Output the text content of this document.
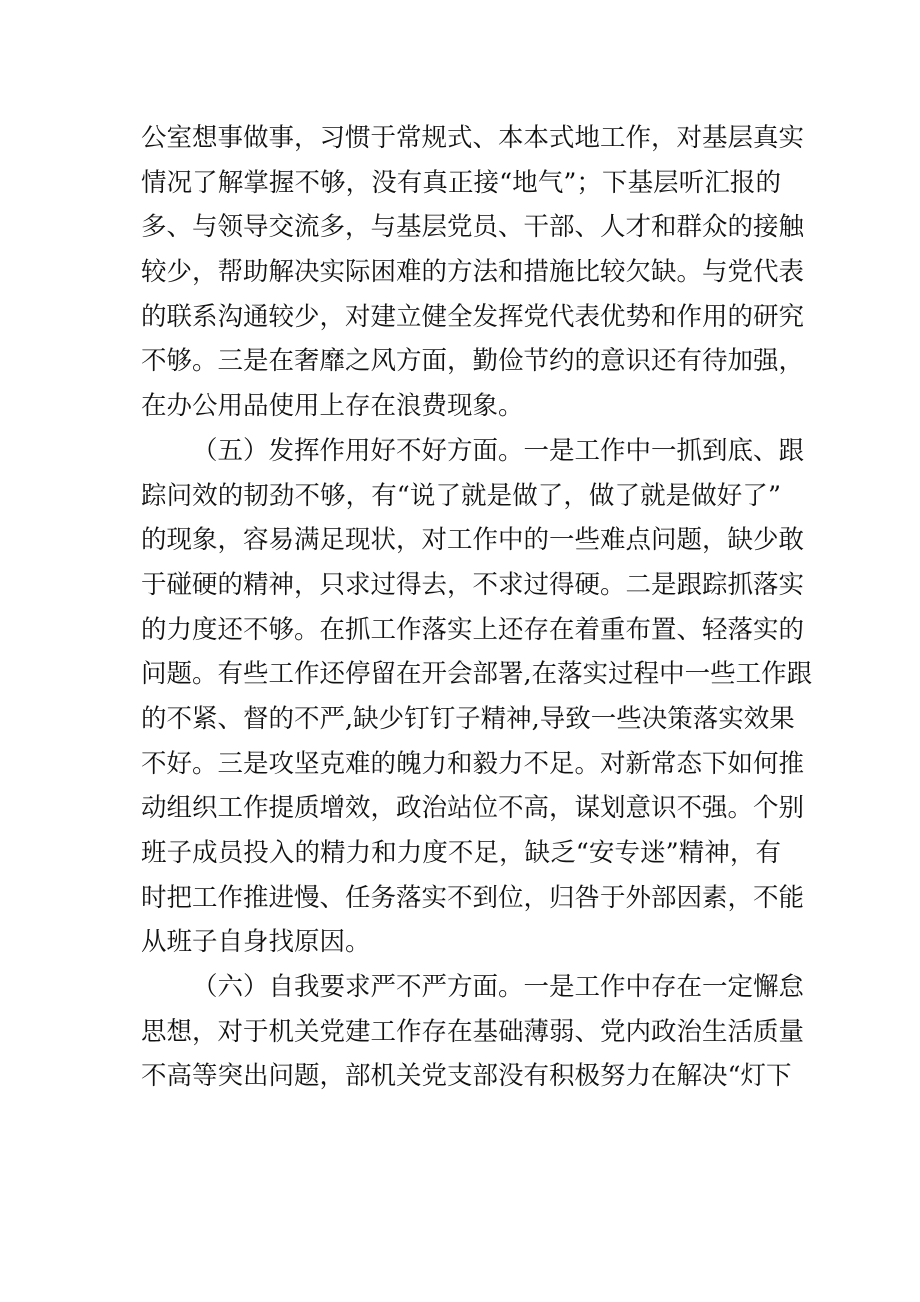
公室想事做事，习惯于常规式、本本式地工作，对基层真实
情况了解掌握不够，没有真正接“地气”；下基层听汇报的
多、与领导交流多，与基层党员、干部、人才和群众的接触
较少，帮助解决实际困难的方法和措施比较欠缺。与党代表
的联系沟通较少，对建立健全发挥党代表优势和作用的研究
不够。三是在奢靡之风方面，勤俭节约的意识还有待加强，
在办公用品使用上存在浪费现象。
（五）发挥作用好不好方面。一是工作中一抓到底、跟
踪问效的韧劲不够，有“说了就是做了，做了就是做好了”
的现象，容易满足现状，对工作中的一些难点问题，缺少敢
于碰硬的精神，只求过得去，不求过得硬。二是跟踪抓落实
的力度还不够。在抓工作落实上还存在着重布置、轻落实的
问题。有些工作还停留在开会部署,在落实过程中一些工作跟
的不紧、督的不严,缺少钉钉子精神,导致一些决策落实效果
不好。三是攻坚克难的魄力和毅力不足。对新常态下如何推
动组织工作提质增效，政治站位不高，谋划意识不强。个别
班子成员投入的精力和力度不足，缺乏“安专迷”精神，有
时把工作推进慢、任务落实不到位，归咎于外部因素，不能
从班子自身找原因。
（六）自我要求严不严方面。一是工作中存在一定懈怠
思想，对于机关党建工作存在基础薄弱、党内政治生活质量
不高等突出问题，部机关党支部没有积极努力在解决“灯下
